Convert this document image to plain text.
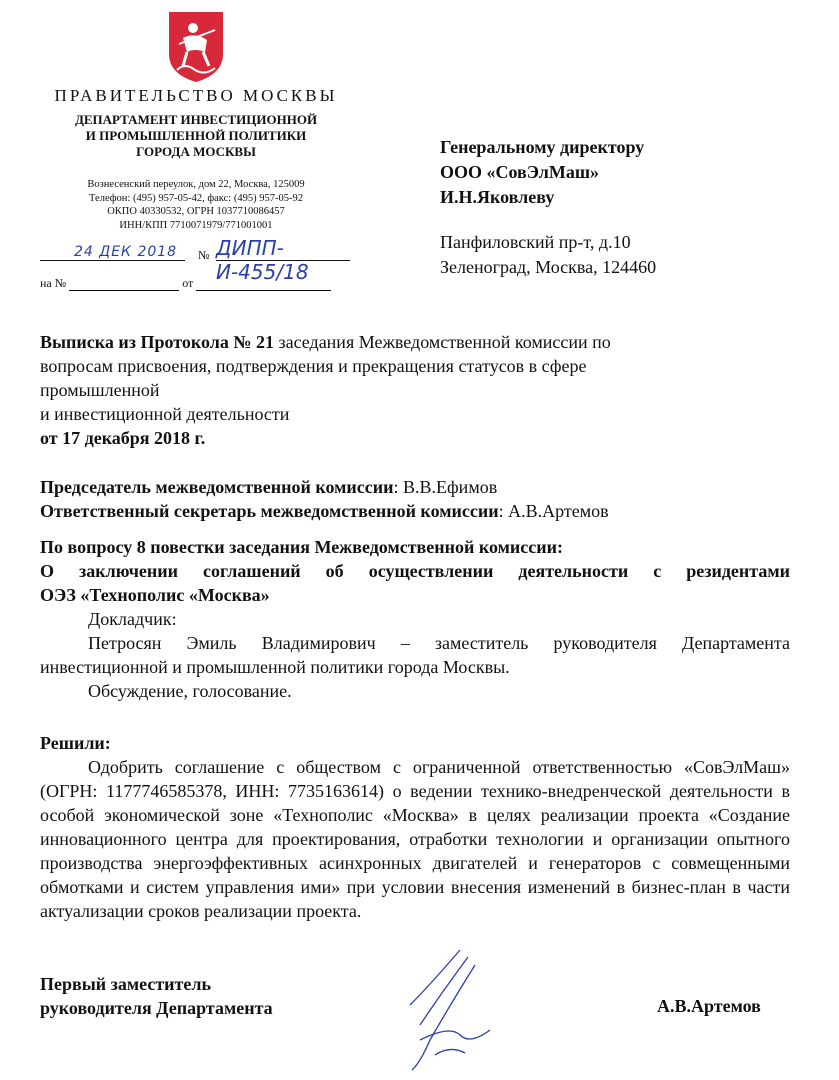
ПРАВИТЕЛЬСТВО МОСКВЫ
ДЕПАРТАМЕНТ ИНВЕСТИЦИОННОЙ
И ПРОМЫШЛЕННОЙ ПОЛИТИКИ
ГОРОДА МОСКВЫ
Вознесенский переулок, дом 22, Москва, 125009
Телефон: (495) 957-05-42, факс: (495) 957-05-92
ОКПО 40330532, ОГРН 1037710086457
ИНН/КПП 7710071979/771001001
24 ДЕК 2018 № ДИПП-И-455/18
на №	от
Генеральному директору
ООО «СовЭлМаш»
И.Н.Яковлеву
Панфиловский пр-т, д.10
Зеленоград, Москва, 124460
Выписка из Протокола № 21 заседания Межведомственной комиссии по
вопросам присвоения, подтверждения и прекращения статусов в сфере
промышленной
и инвестиционной деятельности
от 17 декабря 2018 г.
Председатель межведомственной комиссии: В.В.Ефимов
Ответственный секретарь межведомственной комиссии: А.В.Артемов
По вопросу 8 повестки заседания Межведомственной комиссии:
О заключении соглашений об осуществлении деятельности с резидентами
ОЭЗ «Технополис «Москва»

Докладчик:

Петросян Эмиль Владимирович – заместитель руководителя Департамента инвестиционной и промышленной политики города Москвы.

Обсуждение, голосование.

Решили:

Одобрить соглашение с обществом с ограниченной ответственностью «СовЭлМаш» (ОГРН: 1177746585378, ИНН: 7735163614) о ведении технико-внедренческой деятельности в особой экономической зоне «Технополис «Москва» в целях реализации проекта «Создание инновационного центра для проектирования, отработки технологии и организации опытного производства энергоэффективных асинхронных двигателей и генераторов с совмещенными обмотками и систем управления ими» при условии внесения изменений в бизнес-план в части актуализации сроков реализации проекта.

Первый заместитель
руководителя Департамента	А.В.Артемов
